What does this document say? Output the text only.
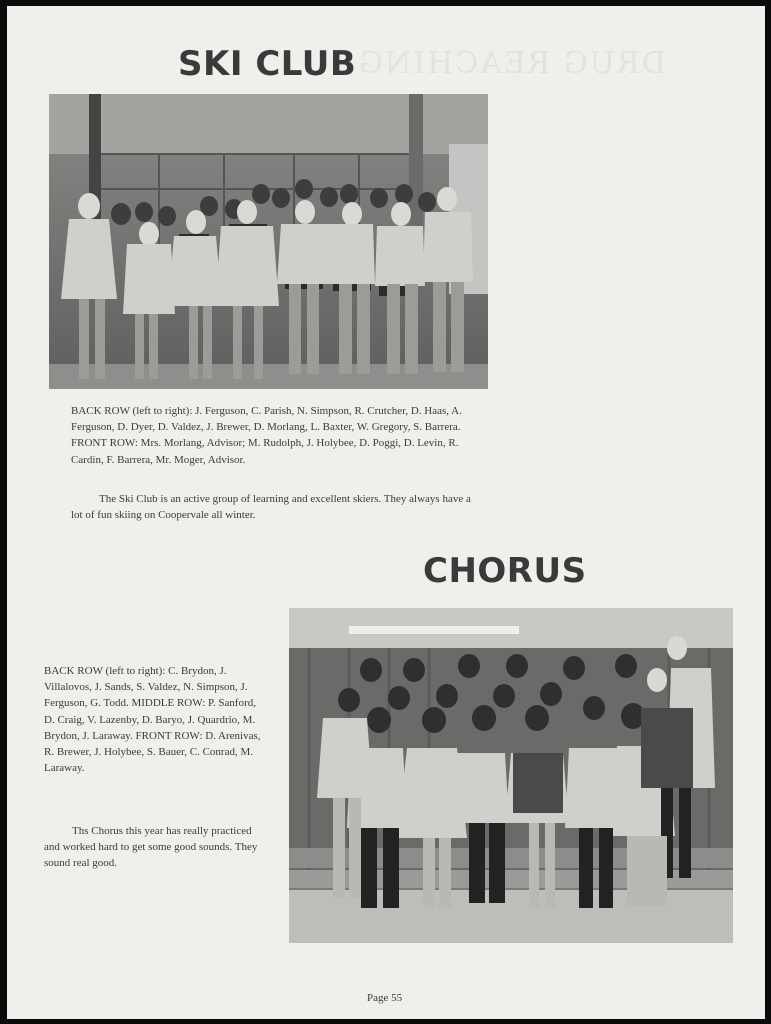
DRUG REACHING
SKI CLUB
BACK ROW (left to right): J. Ferguson, C. Parish, N. Simpson, R. Crutcher, D. Haas, A. Ferguson, D. Dyer, D. Valdez, J. Brewer, D. Morlang, L. Baxter, W. Gregory, S. Barrera. FRONT ROW: Mrs. Morlang, Advisor; M. Rudolph, J. Holybee, D. Poggi, D. Levin, R. Cardin, F. Barrera, Mr. Moger, Advisor.

The Ski Club is an active group of learning and excellent skiers. They always have a lot of fun skiing on Coopervale all winter.

CHORUS
BACK ROW (left to right): C. Brydon, J. Villalovos, J. Sands, S. Valdez, N. Simpson, J. Ferguson, G. Todd. MIDDLE ROW: P. Sanford, D. Craig, V. Lazenby, D. Baryo, J. Quardrio, M. Brydon, J. Laraway. FRONT ROW: D. Arenivas, R. Brewer, J. Holybee, S. Bauer, C. Conrad, M. Laraway.

Ths Chorus this year has really practiced and worked hard to get some good sounds. They sound real good.

Page 55
